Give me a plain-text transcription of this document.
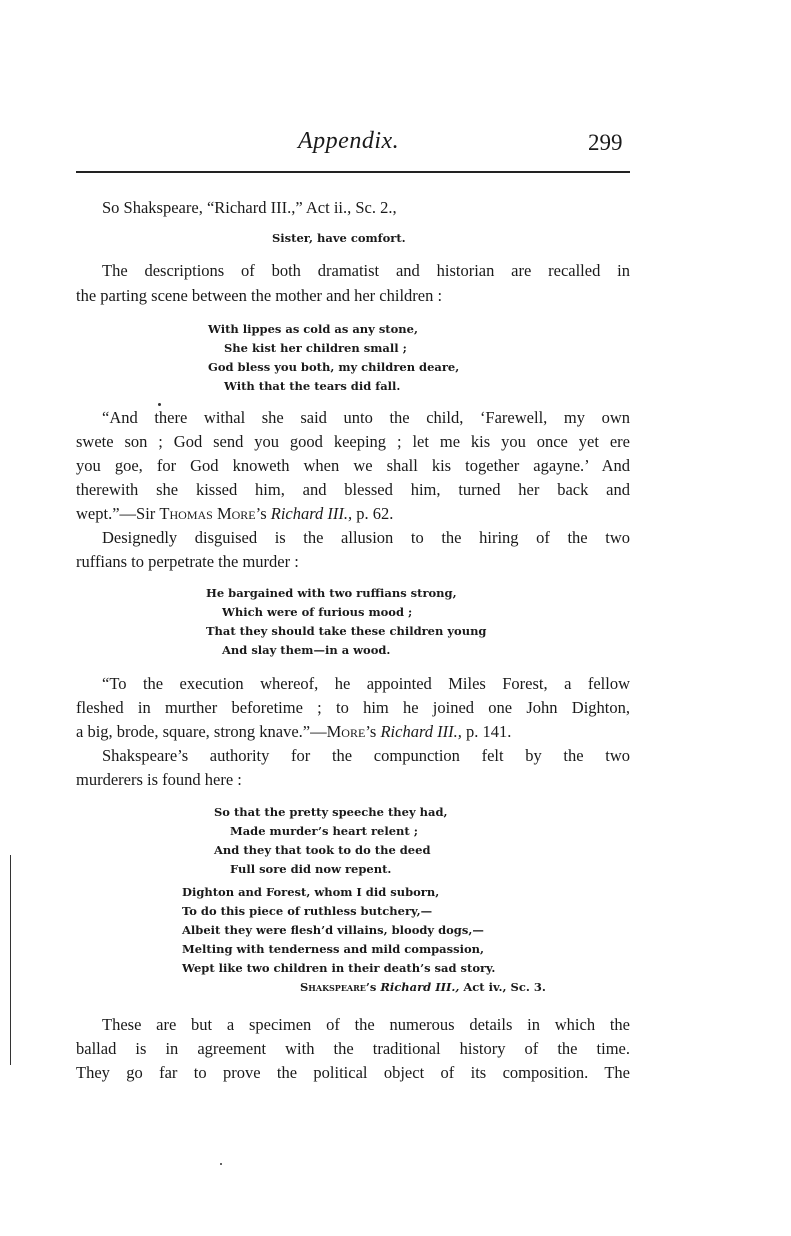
Appendix.	299
So Shakspeare, “Richard III.,” Act ii., Sc. 2.,
Sister, have comfort.
The descriptions of both dramatist and historian are recalled in
the parting scene between the mother and her children :
With lippes as cold as any stone,
She kist her children small ;
God bless you both, my children deare,
With that the tears did fall.
“And there withal she said unto the child, ‘Farewell, my own
swete son ; God send you good keeping ; let me kis you once yet ere
you goe, for God knoweth when we shall kis together agayne.’ And
therewith she kissed him, and blessed him, turned her back and
wept.”—Sir Thomas More’s Richard III., p. 62.
Designedly disguised is the allusion to the hiring of the two
ruffians to perpetrate the murder :
He bargained with two ruffians strong,
Which were of furious mood ;
That they should take these children young
And slay them—in a wood.
“To the execution whereof, he appointed Miles Forest, a fellow
fleshed in murther beforetime ; to him he joined one John Dighton,
a big, brode, square, strong knave.”—More’s Richard III., p. 141.
Shakspeare’s authority for the compunction felt by the two
murderers is found here :
So that the pretty speeche they had,
Made murder’s heart relent ;
And they that took to do the deed
Full sore did now repent.
Dighton and Forest, whom I did suborn,
To do this piece of ruthless butchery,—
Albeit they were flesh’d villains, bloody dogs,—
Melting with tenderness and mild compassion,
Wept like two children in their death’s sad story.
Shakspeare’s Richard III., Act iv., Sc. 3.
These are but a specimen of the numerous details in which the
ballad is in agreement with the traditional history of the time.
They go far to prove the political object of its composition. The
